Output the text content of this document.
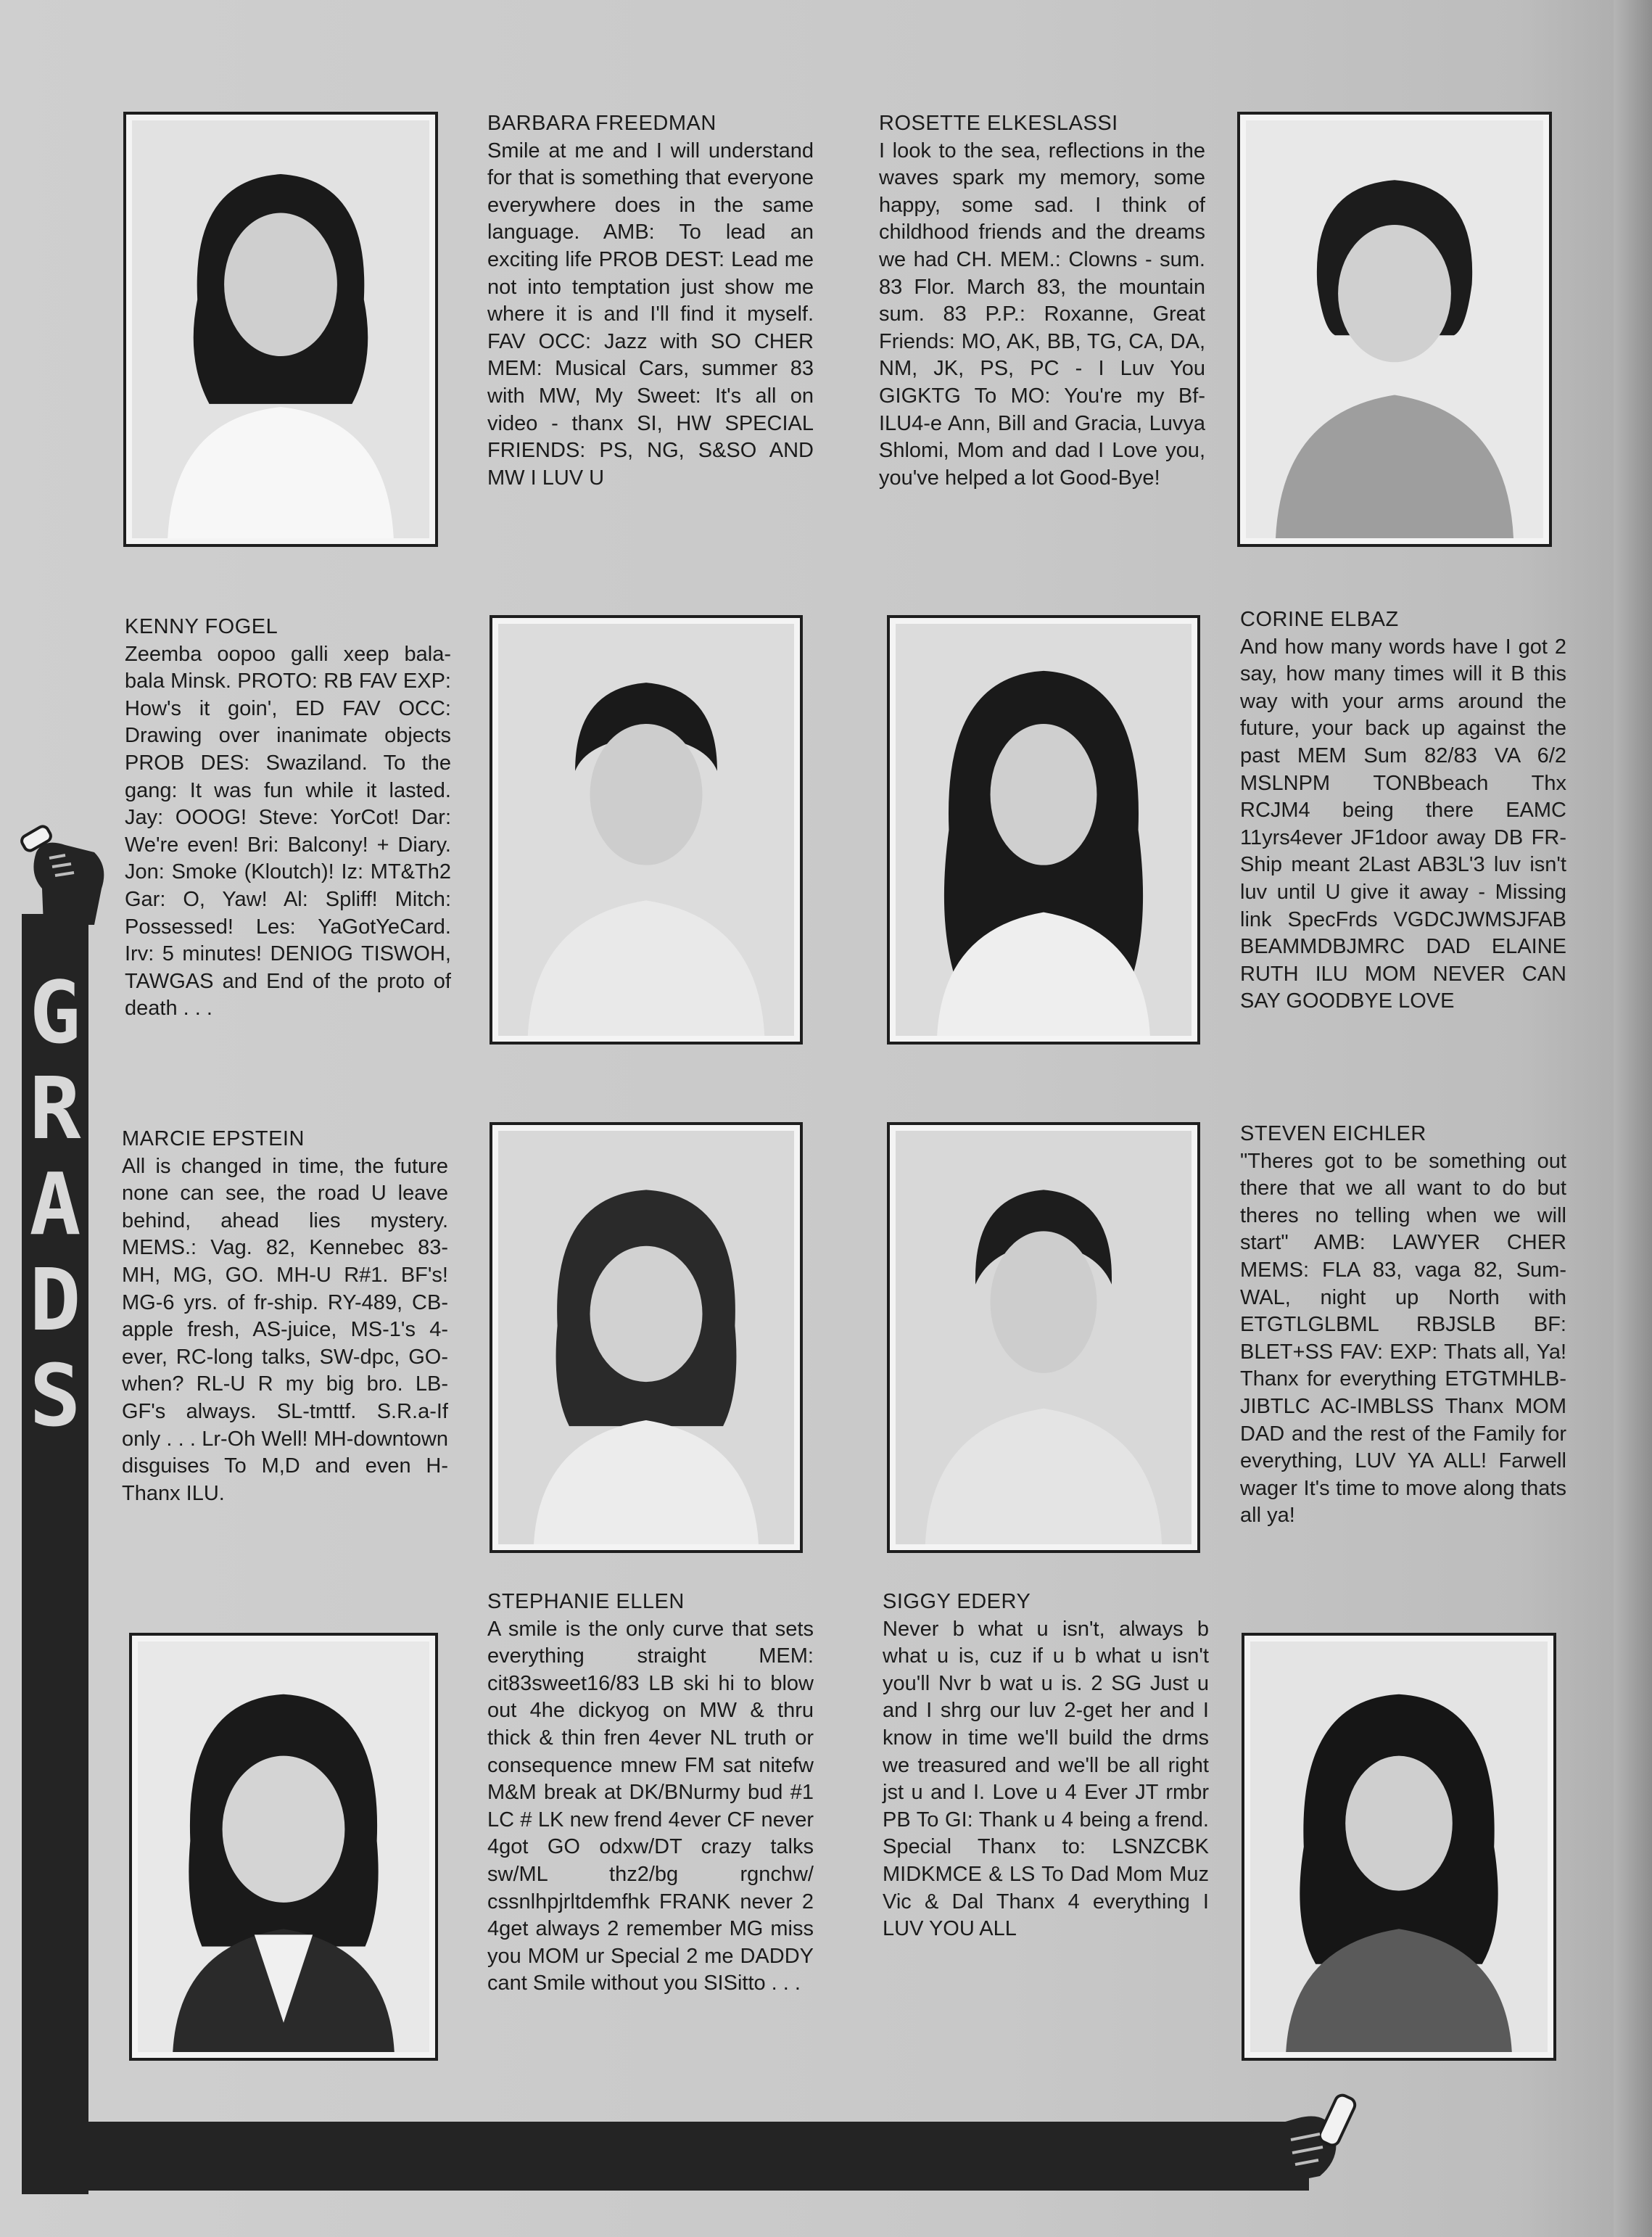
BARBARA FREEDMAN
Smile at me and I will understand for that is something that everyone everywhere does in the same language. AMB: To lead an exciting life PROB DEST: Lead me not into temptation just show me where it is and I'll find it myself. FAV OCC: Jazz with SO CHER MEM: Musical Cars, summer 83 with MW, My Sweet: It's all on video - thanx SI, HW SPECIAL FRIENDS: PS, NG, S&SO AND MW I LUV U
ROSETTE ELKESLASSI
I look to the sea, reflections in the waves spark my memory, some happy, some sad. I think of childhood friends and the dreams we had CH. MEM.: Clowns - sum. 83 Flor. March 83, the mountain sum. 83 P.P.: Roxanne, Great Friends: MO, AK, BB, TG, CA, DA, NM, JK, PS, PC - I Luv You GIGKTG To MO: You're my Bf-ILU4-e Ann, Bill and Gracia, Luvya Shlomi, Mom and dad I Love you, you've helped a lot Good-Bye!
KENNY FOGEL
Zeemba oopoo galli xeep bala-bala Minsk. PROTO: RB FAV EXP: How's it goin', ED FAV OCC: Drawing over inanimate objects PROB DES: Swaziland. To the gang: It was fun while it lasted. Jay: OOOG! Steve: YorCot! Dar: We're even! Bri: Balcony! + Diary. Jon: Smoke (Kloutch)! Iz: MT&Th2 Gar: O, Yaw! Al: Spliff! Mitch: Possessed! Les: YaGotYeCard. Irv: 5 minutes! DENIOG TISWOH, TAWGAS and End of the proto of death . . .
CORINE ELBAZ
And how many words have I got 2 say, how many times will it B this way with your arms around the future, your back up against the past MEM Sum 82/83 VA 6/2 MSLNPM TONBbeach Thx RCJM4 being there EAMC 11yrs4ever JF1door away DB FR-Ship meant 2Last AB3L'3 luv isn't luv until U give it away - Missing link SpecFrds VGDCJWMSJFAB BEAMMDBJMRC DAD ELAINE RUTH ILU MOM NEVER CAN SAY GOODBYE LOVE
MARCIE EPSTEIN
All is changed in time, the future none can see, the road U leave behind, ahead lies mystery. MEMS.: Vag. 82, Kennebec 83-MH, MG, GO. MH-U R#1. BF's! MG-6 yrs. of fr-ship. RY-489, CB-apple fresh, AS-juice, MS-1's 4-ever, RC-long talks, SW-dpc, GO-when? RL-U R my big bro. LB-GF's always. SL-tmttf. S.R.a-If only . . . Lr-Oh Well! MH-downtown disguises To M,D and even H-Thanx ILU.
STEVEN EICHLER
"Theres got to be something out there that we all want to do but theres no telling when we will start" AMB: LAWYER CHER MEMS: FLA 83, vaga 82, Sum-WAL, night up North with ETGTLGLBML RBJSLB BF: BLET+SS FAV: EXP: Thats all, Ya! Thanx for everything ETGTMHLB-JIBTLC AC-IMBLSS Thanx MOM DAD and the rest of the Family for everything, LUV YA ALL! Farwell wager It's time to move along thats all ya!
STEPHANIE ELLEN
A smile is the only curve that sets everything straight MEM: cit83sweet16/83 LB ski hi to blow out 4he dickyog on MW & thru thick & thin fren 4ever NL truth or consequence mnew FM sat nitefw M&M break at DK/BNurmy bud #1 LC # LK new frend 4ever CF never 4got GO odxw/DT crazy talks sw/ML thz2/bg rgnchw/ cssnlhpjrltdemfhk FRANK never 2 4get always 2 remember MG miss you MOM ur Special 2 me DADDY cant Smile without you SISitto . . .
SIGGY EDERY
Never b what u isn't, always b what u is, cuz if u b what u isn't you'll Nvr b wat u is. 2 SG Just u and I shrg our luv 2-get her and I know in time we'll build the drms we treasured and we'll be all right jst u and I. Love u 4 Ever JT rmbr PB To GI: Thank u 4 being a frend. Special Thanx to: LSNZCBK MIDKMCE & LS To Dad Mom Muz Vic & Dal Thanx 4 everything I LUV YOU ALL
G
R
A
D
S
